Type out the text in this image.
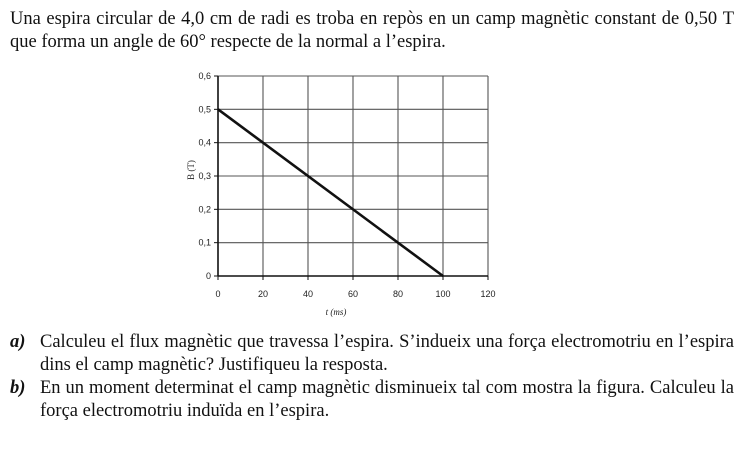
Una espira circular de 4,0 cm de radi es troba en repòs en un camp magnètic constant de 0,50 T que forma un angle de 60° respecte de la normal a l’espira.
0	20	40	60	80	100	120
0
0,1
0,2
0,3
0,4
0,5
0,6
t (ms)
B (T)
a) Calculeu el flux magnètic que travessa l’espira. S’indueix una força electromotriu en l’espira dins el camp magnètic? Justifiqueu la resposta.
b) En un moment determinat el camp magnètic disminueix tal com mostra la figura. Calculeu la força electromotriu induïda en l’espira.
